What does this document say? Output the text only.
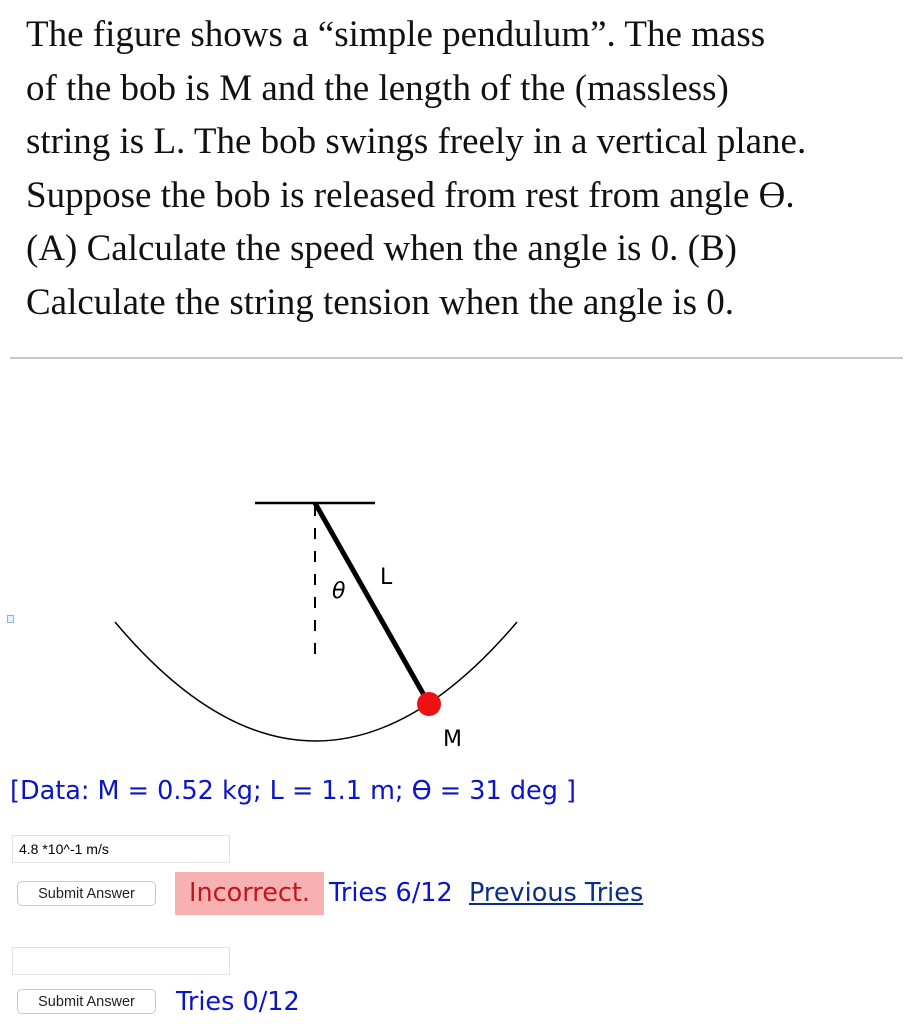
The figure shows a “simple pendulum”. The mass
of the bob is M and the length of the (massless)
string is L. The bob swings freely in a vertical plane.
Suppose the bob is released from rest from angle ϴ.
(A) Calculate the speed when the angle is 0. (B)
Calculate the string tension when the angle is 0.
θ
L
M
[Data: M = 0.52 kg; L = 1.1 m; ϴ = 31 deg ]
4.8 *10^-1 m/s
Submit Answer	Incorrect. Tries 6/12 Previous Tries
Submit Answer	Tries 0/12
